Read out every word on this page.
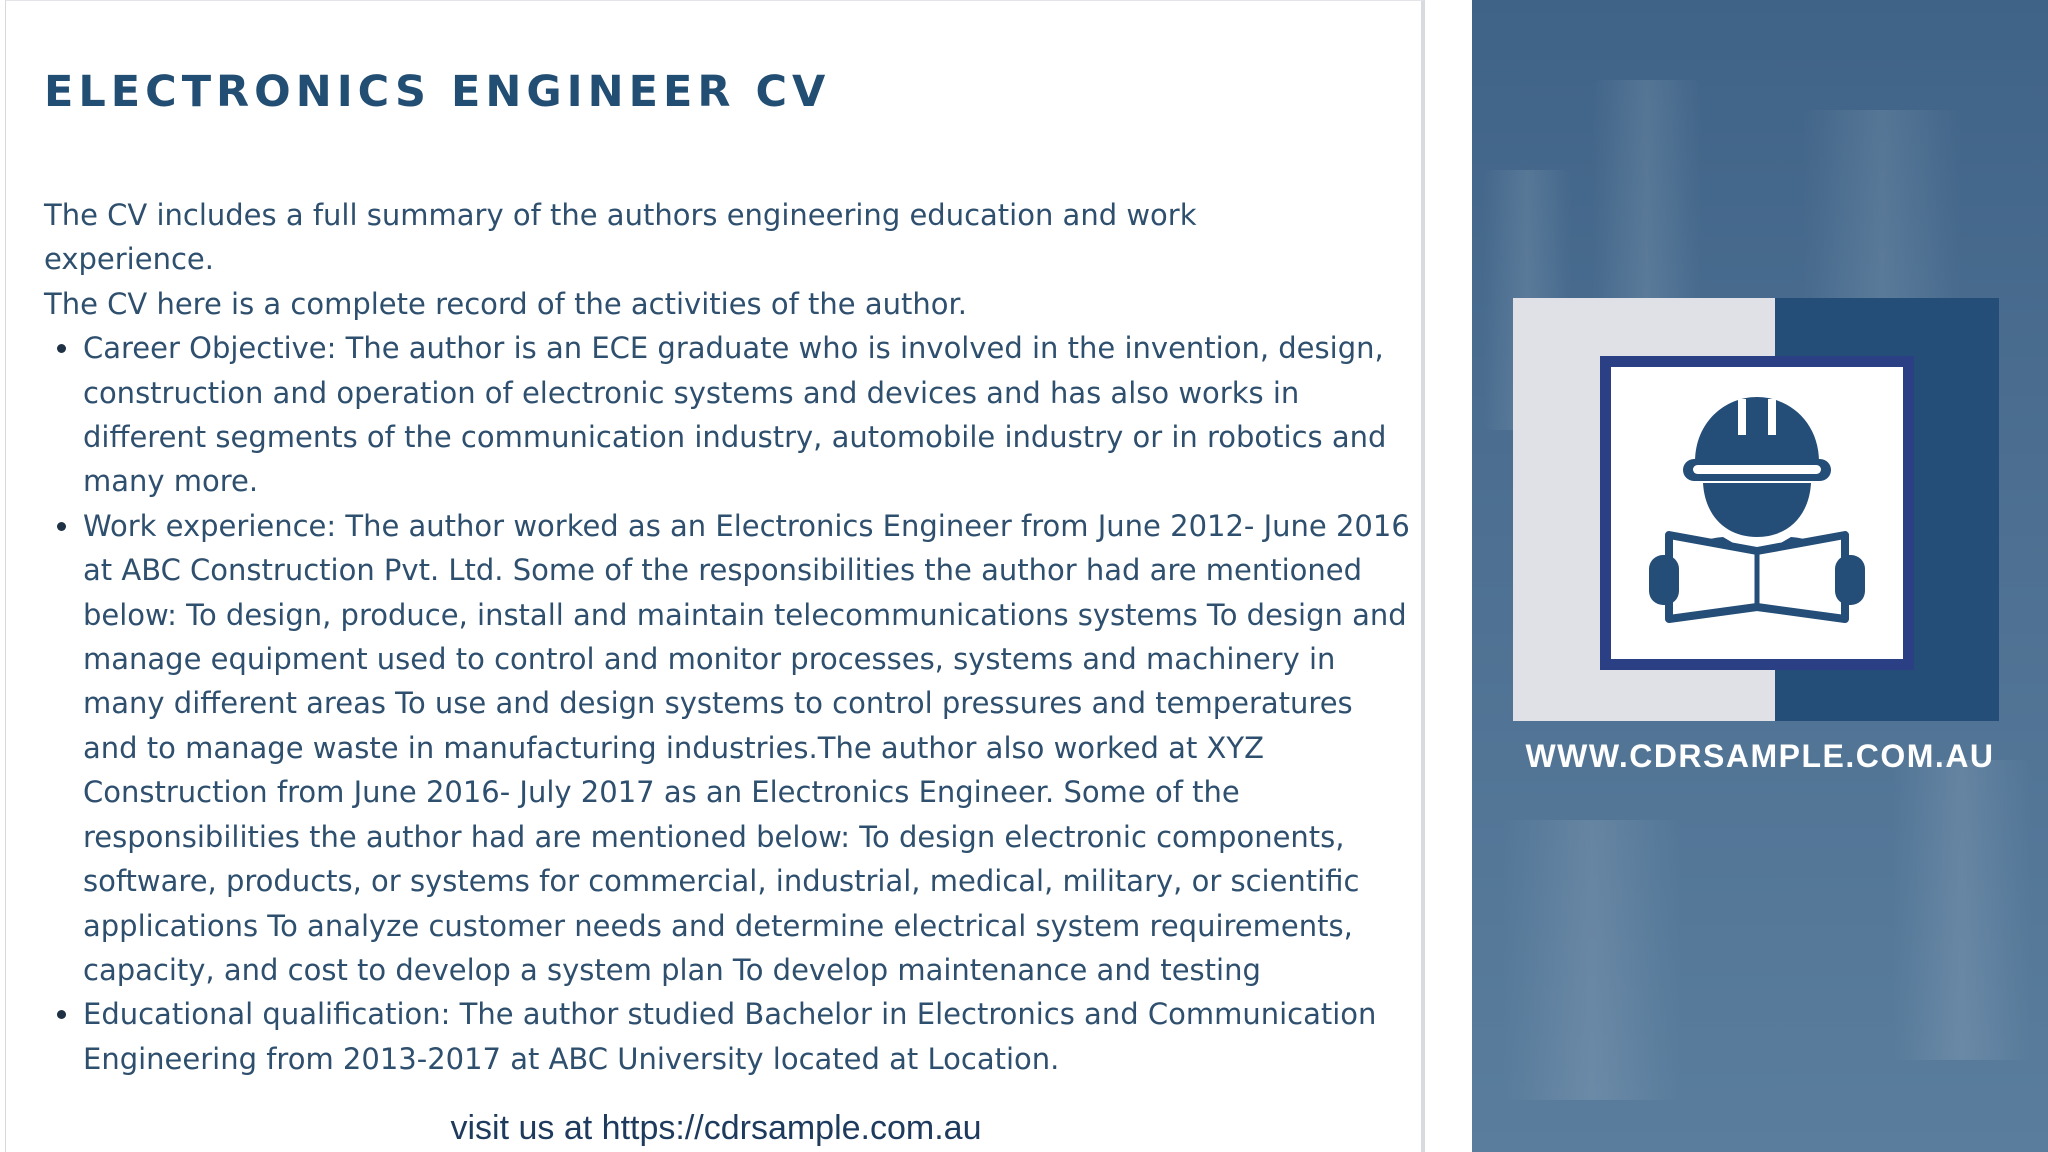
ELECTRONICS ENGINEER CV

The CV includes a full summary of the authors engineering education and work experience.

The CV here is a complete record of the activities of the author.

Career Objective: The author is an ECE graduate who is involved in the invention, design, construction and operation of electronic systems and devices and has also works in different segments of the communication industry, automobile industry or in robotics and many more.
Work experience: The author worked as an Electronics Engineer from June 2012- June 2016 at ABC Construction Pvt. Ltd. Some of the responsibilities the author had are mentioned below: To design, produce, install and maintain telecommunications systems To design and manage equipment used to control and monitor processes, systems and machinery in many different areas To use and design systems to control pressures and temperatures and to manage waste in manufacturing industries.The author also worked at XYZ Construction from June 2016- July 2017 as an Electronics Engineer. Some of the responsibilities the author had are mentioned below: To design electronic components, software, products, or systems for commercial, industrial, medical, military, or scientific applications To analyze customer needs and determine electrical system requirements, capacity, and cost to develop a system plan To develop maintenance and testing
Educational qualification: The author studied Bachelor in Electronics and Communication Engineering from 2013-2017 at ABC University located at Location.
visit us at https://cdrsample.com.au
WWW.CDRSAMPLE.COM.AU
